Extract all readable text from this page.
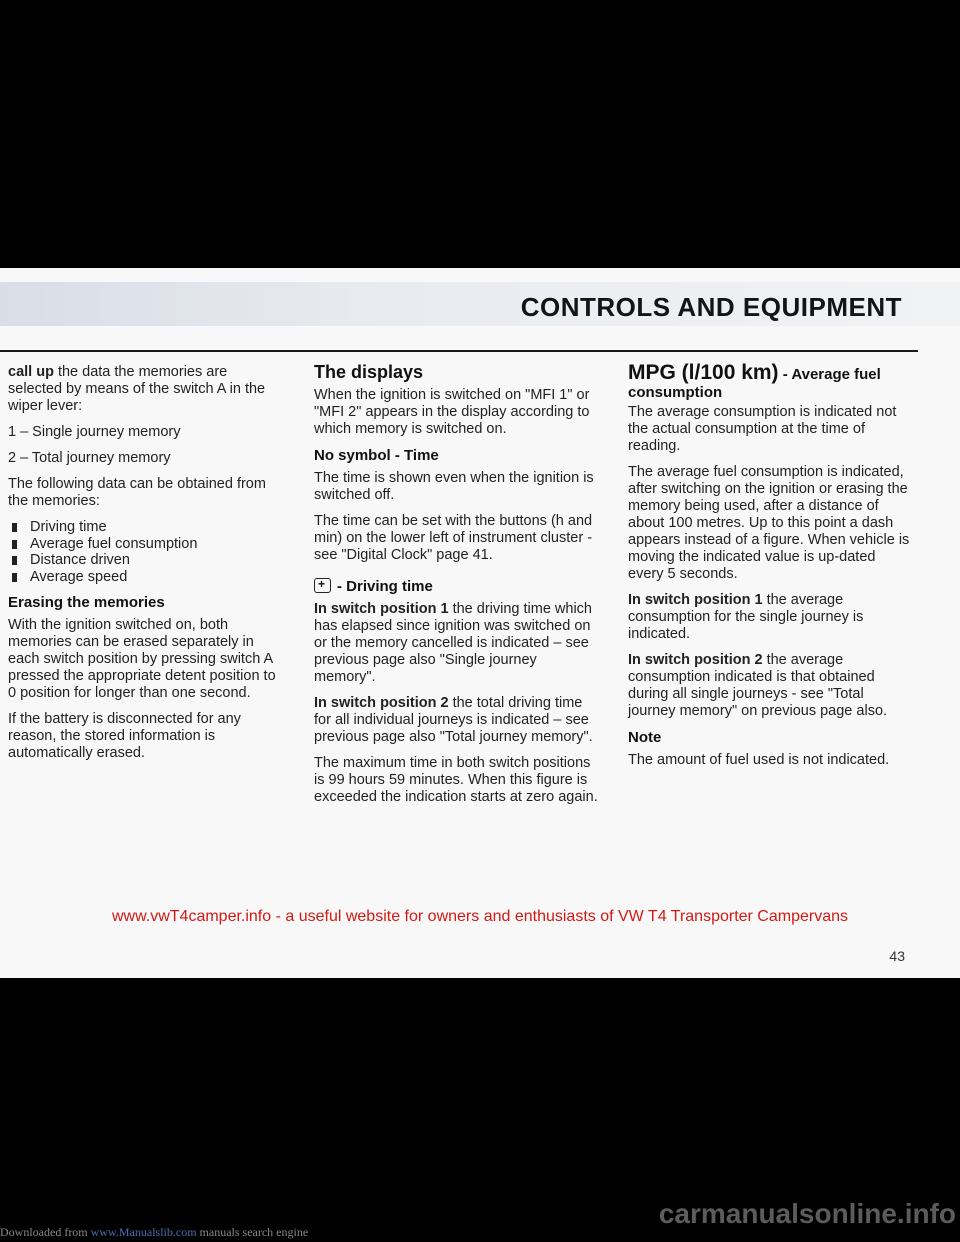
CONTROLS AND EQUIPMENT

call up the data the memories are selected by means of the switch A in the wiper lever:

1 – Single journey memory

2 – Total journey memory

The following data can be obtained from the memories:

Driving time
Average fuel consumption
Distance driven
Average speed
Erasing the memories

With the ignition switched on, both memories can be erased separately in each switch position by pressing switch A pressed the appropriate detent position to 0 position for longer than one second.

If the battery is disconnected for any reason, the stored information is automatically erased.

The displays

When the ignition is switched on "MFI 1" or "MFI 2" appears in the display according to which memory is switched on.

No symbol - Time

The time is shown even when the ignition is switched off.

The time can be set with the buttons (h and min) on the lower left of instrument cluster - see "Digital Clock" page 41.

+- Driving time

In switch position 1 the driving time which has elapsed since ignition was switched on or the memory cancelled is indicated – see previous page also "Single journey memory".

In switch position 2 the total driving time for all individual journeys is indicated – see previous page also "Total journey memory".

The maximum time in both switch positions is 99 hours 59 minutes. When this figure is exceeded the indication starts at zero again.

MPG (l/100 km) - Average fuel consumption

The average consumption is indicated not the actual consumption at the time of reading.

The average fuel consumption is indicated, after switching on the ignition or erasing the memory being used, after a distance of about 100 metres. Up to this point a dash appears instead of a figure. When vehicle is moving the indicated value is up-dated every 5 seconds.

In switch position 1 the average consumption for the single journey is indicated.

In switch position 2 the average consumption indicated is that obtained during all single journeys - see "Total journey memory" on previous page also.

Note

The amount of fuel used is not indicated.

www.vwT4camper.info - a useful website for owners and enthusiasts of VW T4 Transporter Campervans
43
Downloaded from www.Manualslib.com manuals search engine
carmanualsonline.info
